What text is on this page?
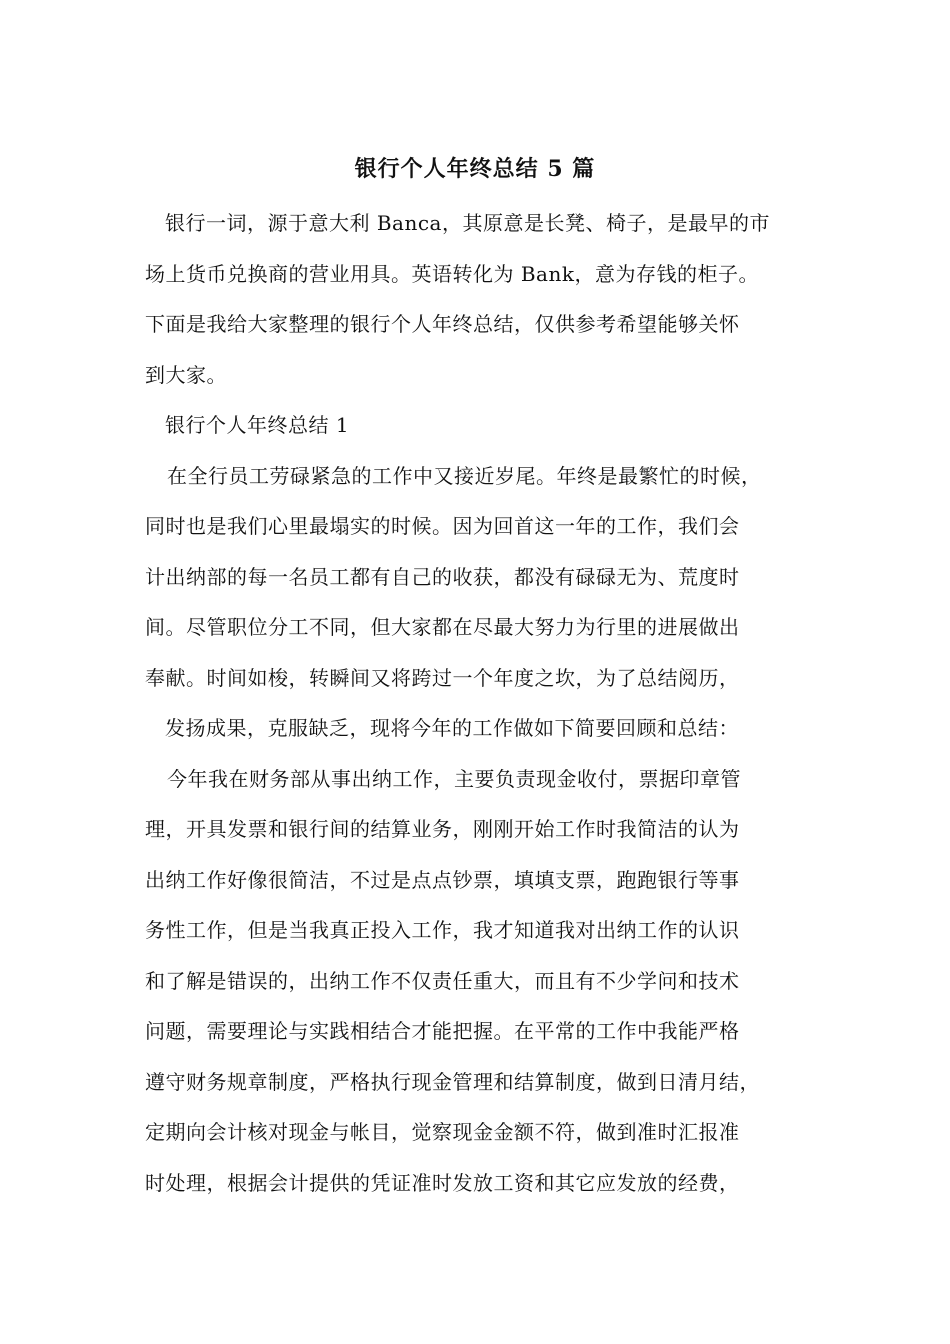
银行个人年终总结 5 篇
银行一词，源于意大利 Banca，其原意是长凳、椅子，是最早的市
场上货币兑换商的营业用具。英语转化为 Bank，意为存钱的柜子。
下面是我给大家整理的银行个人年终总结，仅供参考希望能够关怀
到大家。
银行个人年终总结 1
在全行员工劳碌紧急的工作中又接近岁尾。年终是最繁忙的时候，
同时也是我们心里最塌实的时候。因为回首这一年的工作，我们会
计出纳部的每一名员工都有自己的收获，都没有碌碌无为、荒度时
间。尽管职位分工不同，但大家都在尽最大努力为行里的进展做出
奉献。时间如梭，转瞬间又将跨过一个年度之坎，为了总结阅历，
发扬成果，克服缺乏，现将今年的工作做如下简要回顾和总结：
今年我在财务部从事出纳工作，主要负责现金收付，票据印章管
理，开具发票和银行间的结算业务，刚刚开始工作时我简洁的认为
出纳工作好像很简洁，不过是点点钞票，填填支票，跑跑银行等事
务性工作，但是当我真正投入工作，我才知道我对出纳工作的认识
和了解是错误的，出纳工作不仅责任重大，而且有不少学问和技术
问题，需要理论与实践相结合才能把握。在平常的工作中我能严格
遵守财务规章制度，严格执行现金管理和结算制度，做到日清月结，
定期向会计核对现金与帐目，觉察现金金额不符，做到准时汇报准
时处理，根据会计提供的凭证准时发放工资和其它应发放的经费，
